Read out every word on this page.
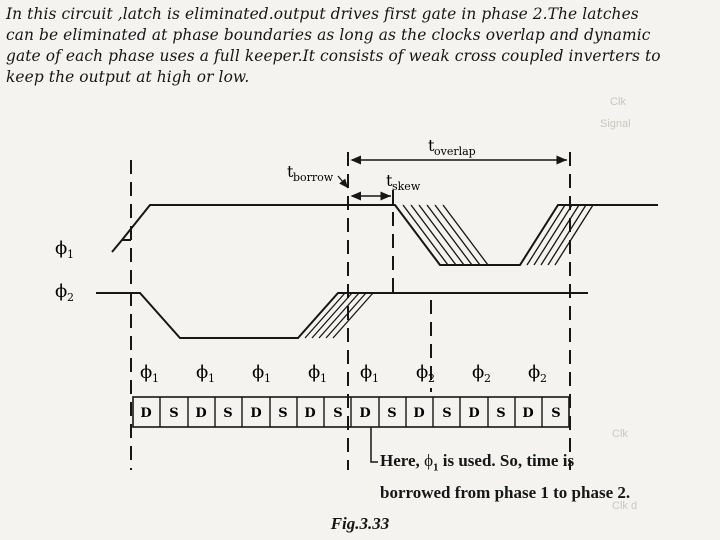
Clk
Signal
Clk
Clk d
In this circuit ,latch is eliminated.output drives first gate in phase 2.The latches
can be eliminated at phase boundaries as long as the clocks overlap and dynamic
gate of each phase uses a full keeper.It consists of weak cross coupled inverters to
keep the output at high or low.
ϕ 1
ϕ 2
t overlap
t borrow	t skew
ϕ 1 ϕ 1 ϕ 1 ϕ 1 ϕ 1 ϕ 2 ϕ 2 ϕ 2
D S D S D S D S D S D S D S D S
Here, $\phi_1$ is used. So, time is
borrowed from phase 1 to phase 2.
Fig.3.33
